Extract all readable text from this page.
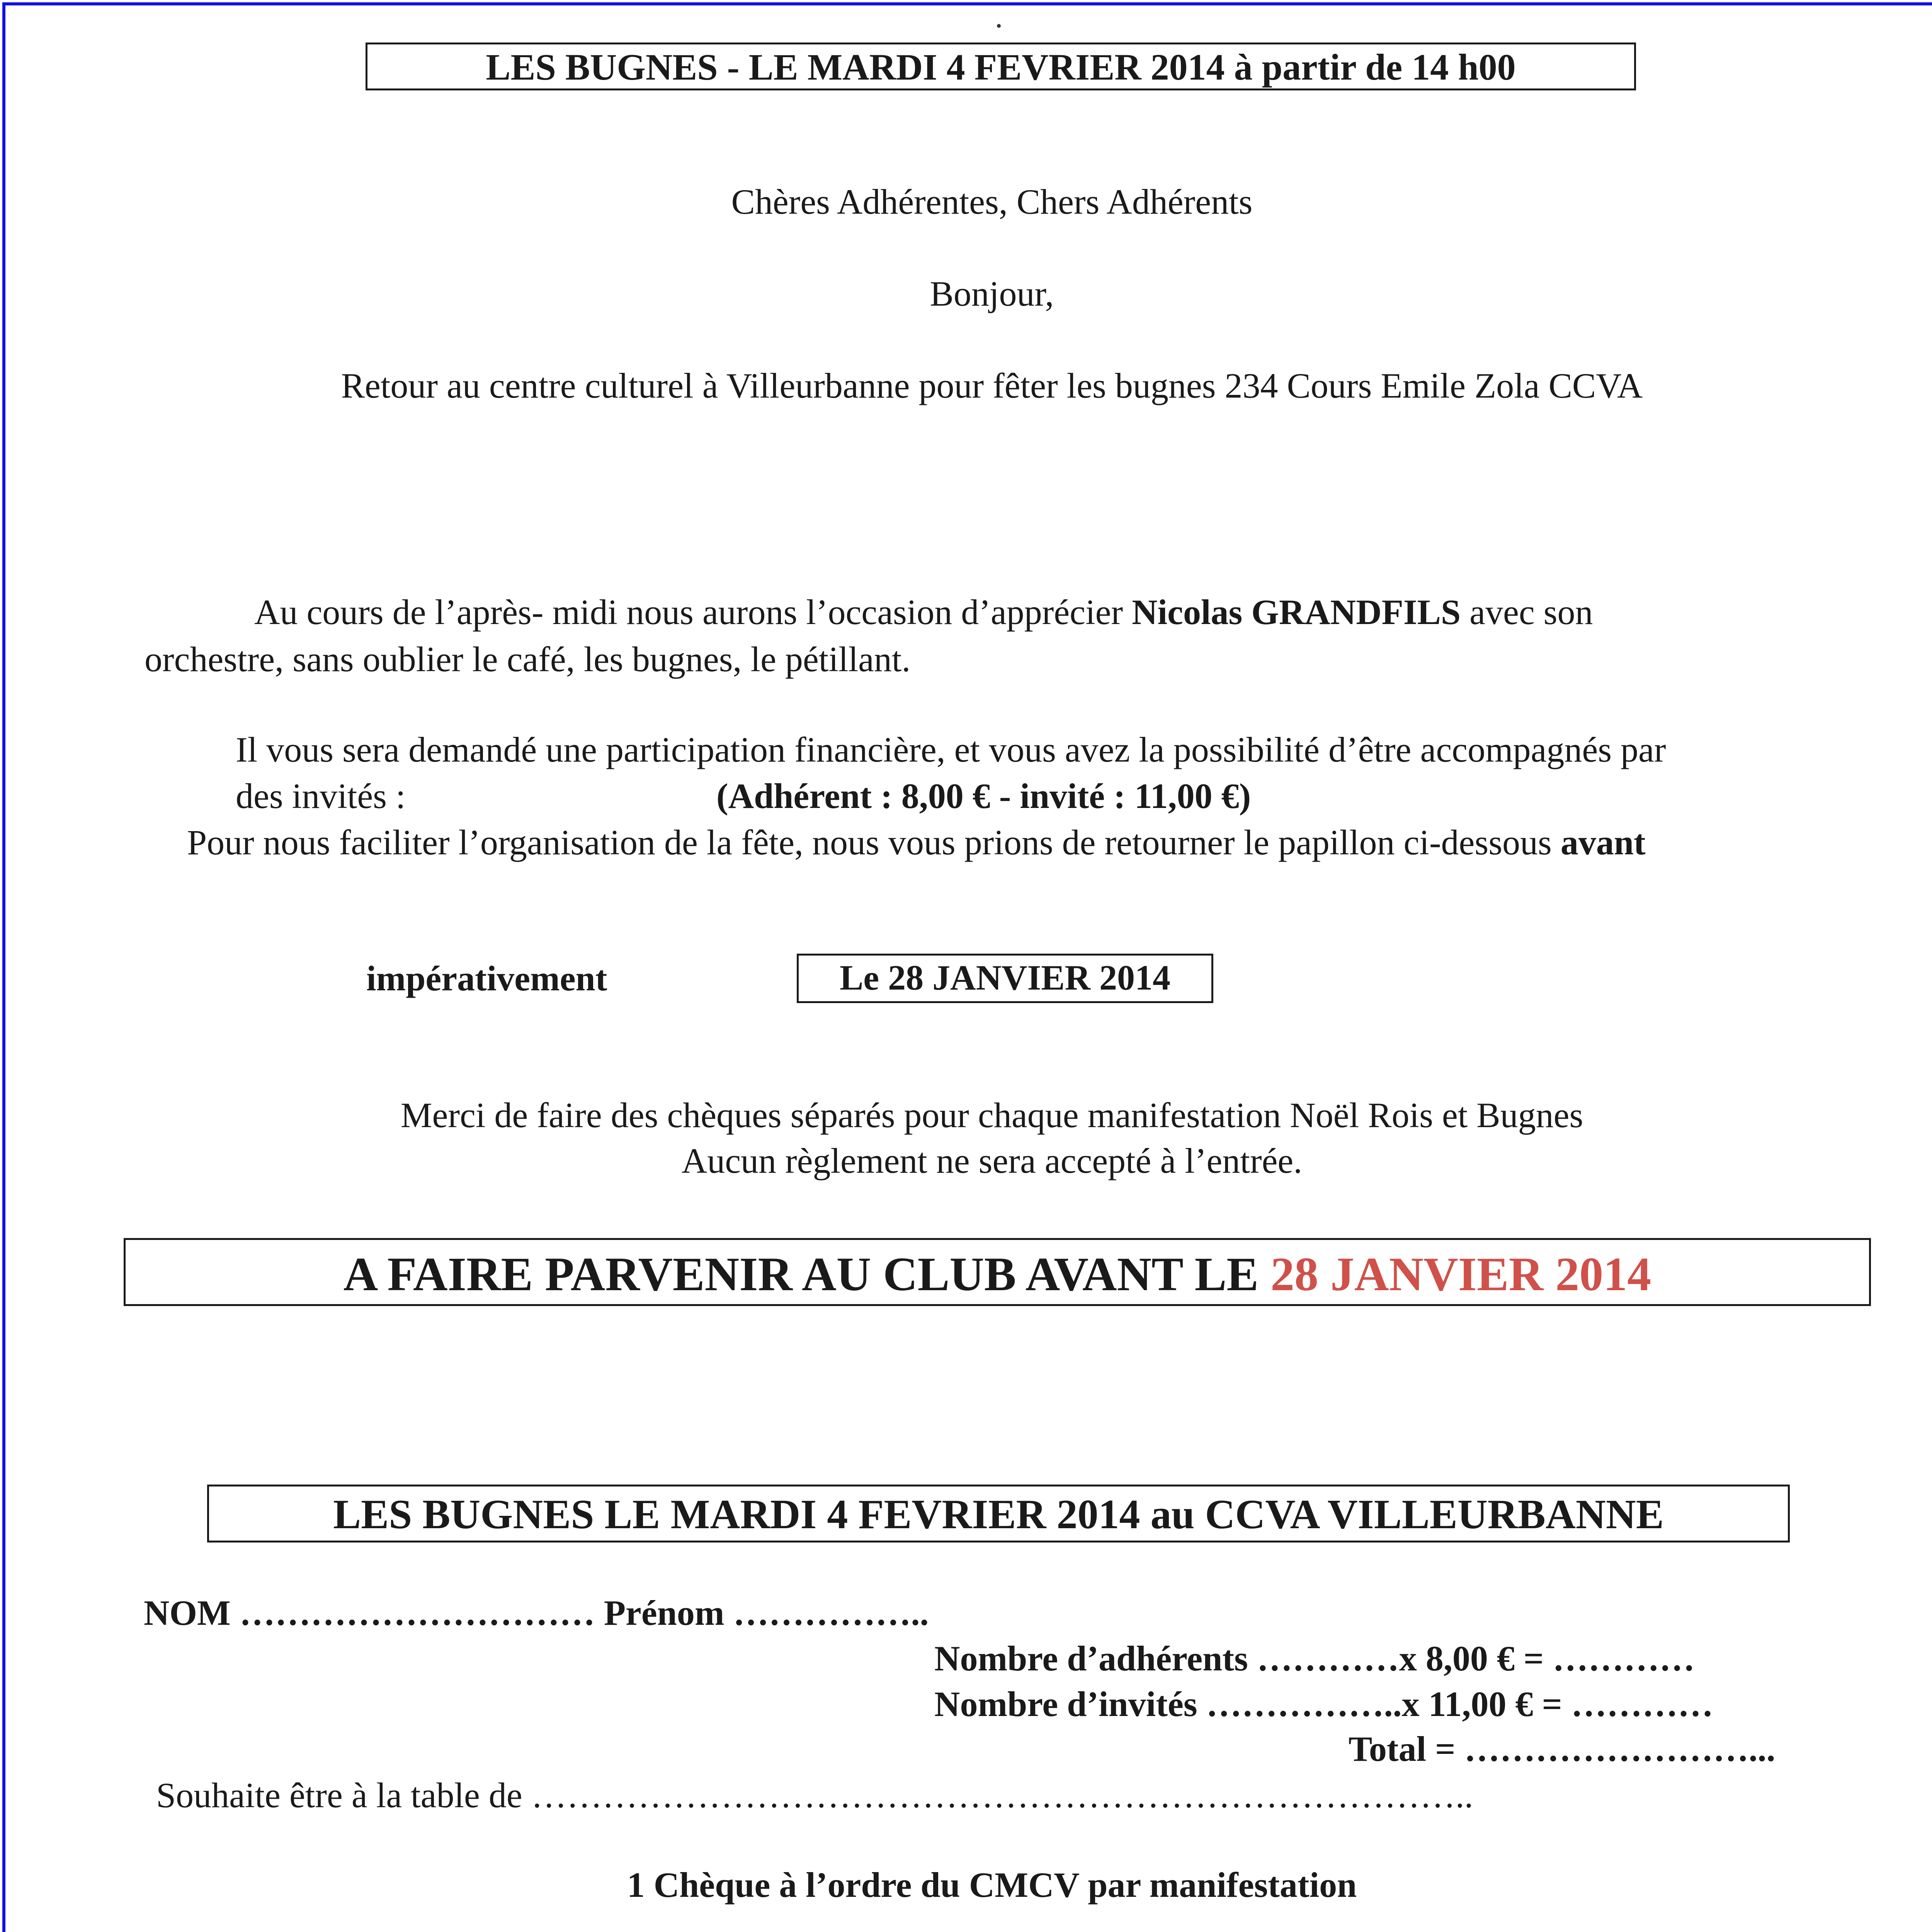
LES BUGNES - LE MARDI 4 FEVRIER 2014 à partir de 14 h00
Chères Adhérentes, Chers Adhérents
Bonjour,
Retour au centre culturel à Villeurbanne pour fêter les bugnes 234 Cours Emile Zola CCVA
Au cours de l’après- midi nous aurons l’occasion d’apprécier Nicolas GRANDFILS avec son
orchestre, sans oublier le café, les bugnes, le pétillant.
Il vous sera demandé une participation financière, et vous avez la possibilité d’être accompagnés par
des invités :	(Adhérent : 8,00 € - invité : 11,00 €)
Pour nous faciliter l’organisation de la fête, nous vous prions de retourner le papillon ci-dessous avant
impérativement	Le 28 JANVIER 2014
Merci de faire des chèques séparés pour chaque manifestation Noël Rois et Bugnes
Aucun règlement ne sera accepté à l’entrée.
A FAIRE PARVENIR AU CLUB AVANT LE 28 JANVIER 2014
LES BUGNES LE MARDI 4 FEVRIER 2014 au CCVA VILLEURBANNE
NOM ………………………… Prénom ……………..
Nombre d’adhérents …………x 8,00 € = …………
Nombre d’invités ……………..x 11,00 € = …………
Total = ……………………...
Souhaite être à la table de ……………………………………………………………………..
1 Chèque à l’ordre du CMCV par manifestation
